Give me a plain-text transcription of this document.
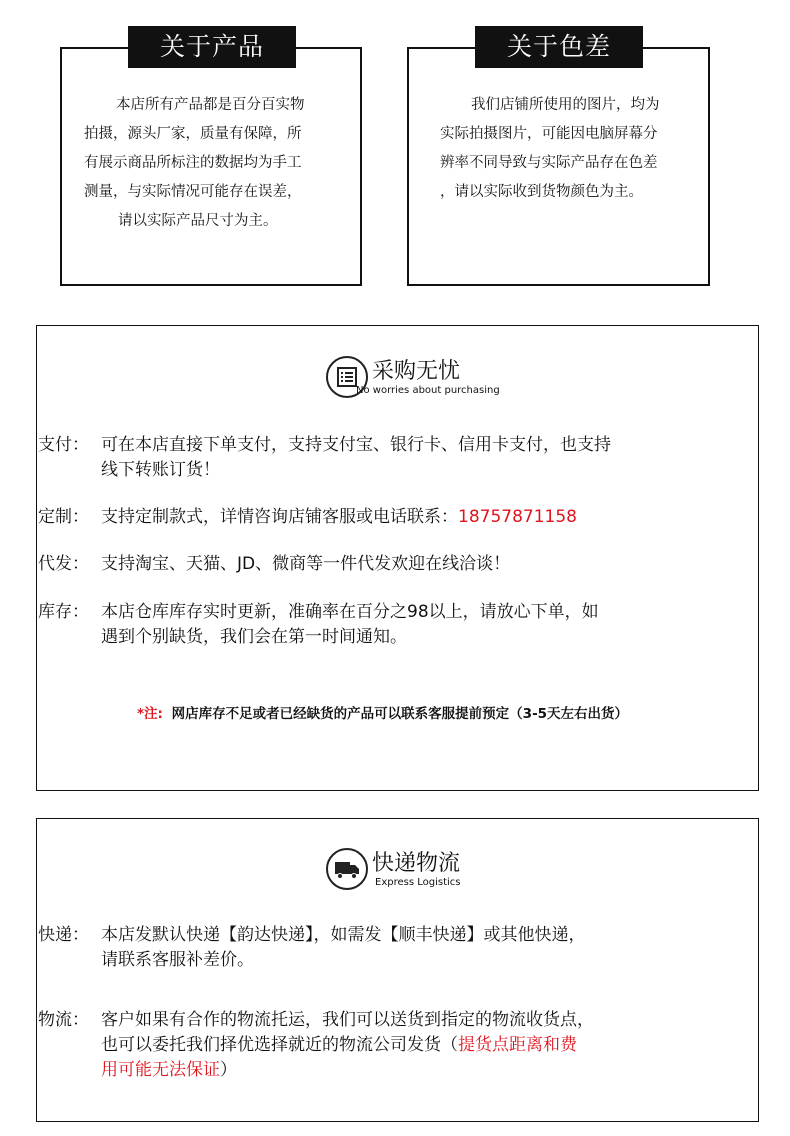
关于产品
本店所有产品都是百分百实物
拍摄，源头厂家，质量有保障，所
有展示商品所标注的数据均为手工
测量，与实际情况可能存在误差，
请以实际产品尺寸为主。
关于色差
我们店铺所使用的图片，均为
实际拍摄图片，可能因电脑屏幕分
辨率不同导致与实际产品存在色差
，请以实际收到货物颜色为主。
采购无忧
No worries about purchasing
支付： 可在本店直接下单支付，支持支付宝、银行卡、信用卡支付，也支持
线下转账订货！
定制： 支持定制款式，详情咨询店铺客服或电话联系：18757871158
代发： 支持淘宝、天猫、JD、微商等一件代发欢迎在线洽谈！
库存： 本店仓库库存实时更新，准确率在百分之98以上，请放心下单，如
遇到个别缺货，我们会在第一时间通知。
*注: 网店库存不足或者已经缺货的产品可以联系客服提前预定（3-5天左右出货）
快递物流
Express Logistics
快递： 本店发默认快递【韵达快递】，如需发【顺丰快递】或其他快递，
请联系客服补差价。
物流： 客户如果有合作的物流托运，我们可以送货到指定的物流收货点，
也可以委托我们择优选择就近的物流公司发货（提货点距离和费
用可能无法保证）
